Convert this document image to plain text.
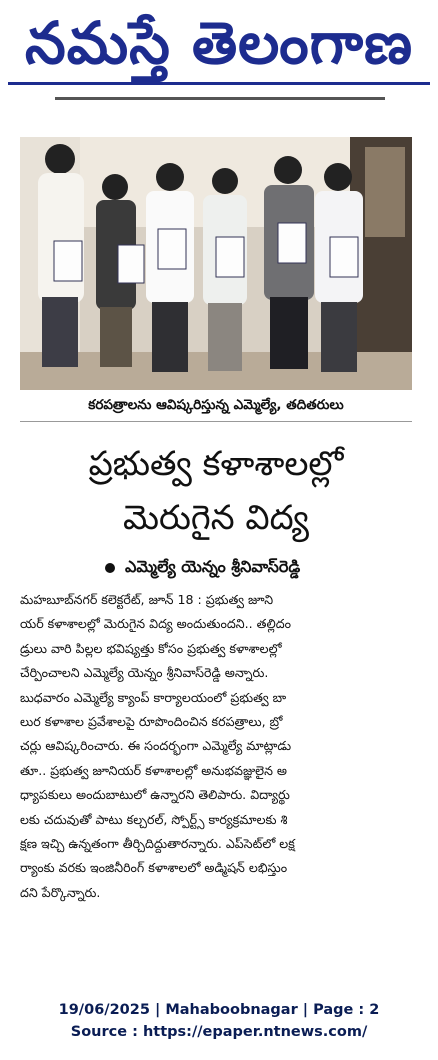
నమస్తే తెలంగాణ
కరపత్రాలను ఆవిష్కరిస్తున్న ఎమ్మెల్యే, తదితరులు
ప్రభుత్వ కళాశాలల్లో
మెరుగైన విద్య
ఎమ్మెల్యే యెన్నం శ్రీనివాస్‌రెడ్డి
మహబూబ్‌నగర్ కలెక్టరేట్, జూన్ 18 : ప్రభుత్వ జూని
యర్ కళాశాలల్లో మెరుగైన విద్య అందుతుందని.. తల్లిదం
డ్రులు వారి పిల్లల భవిష్యత్తు కోసం ప్రభుత్వ కళాశాలల్లో
చేర్పించాలని ఎమ్మెల్యే యెన్నం శ్రీనివాస్‌రెడ్డి అన్నారు.
బుధవారం ఎమ్మెల్యే క్యాంప్ కార్యాలయంలో ప్రభుత్వ బా
లుర కళాశాల ప్రవేశాలపై రూపొందించిన కరపత్రాలు, బ్రో
చర్లు ఆవిష్కరించారు. ఈ సందర్భంగా ఎమ్మెల్యే మాట్లాడు
తూ.. ప్రభుత్వ జూనియర్ కళాశాలల్లో అనుభవజ్ఞులైన అ
ధ్యాపకులు అందుబాటులో ఉన్నారని తెలిపారు. విద్యార్థు
లకు చదువుతో పాటు కల్చరల్, స్పోర్ట్స్ కార్యక్రమాలకు శి
క్షణ ఇచ్చి ఉన్నతంగా తీర్చిదిద్దుతారన్నారు. ఎప్‌సెట్‌లో లక్ష
ర్యాంకు వరకు ఇంజినీరింగ్ కళాశాలలో అడ్మిషన్ లభిస్తుం
దని పేర్కొన్నారు.
19/06/2025 | Mahaboobnagar | Page : 2
Source : https://epaper.ntnews.com/
